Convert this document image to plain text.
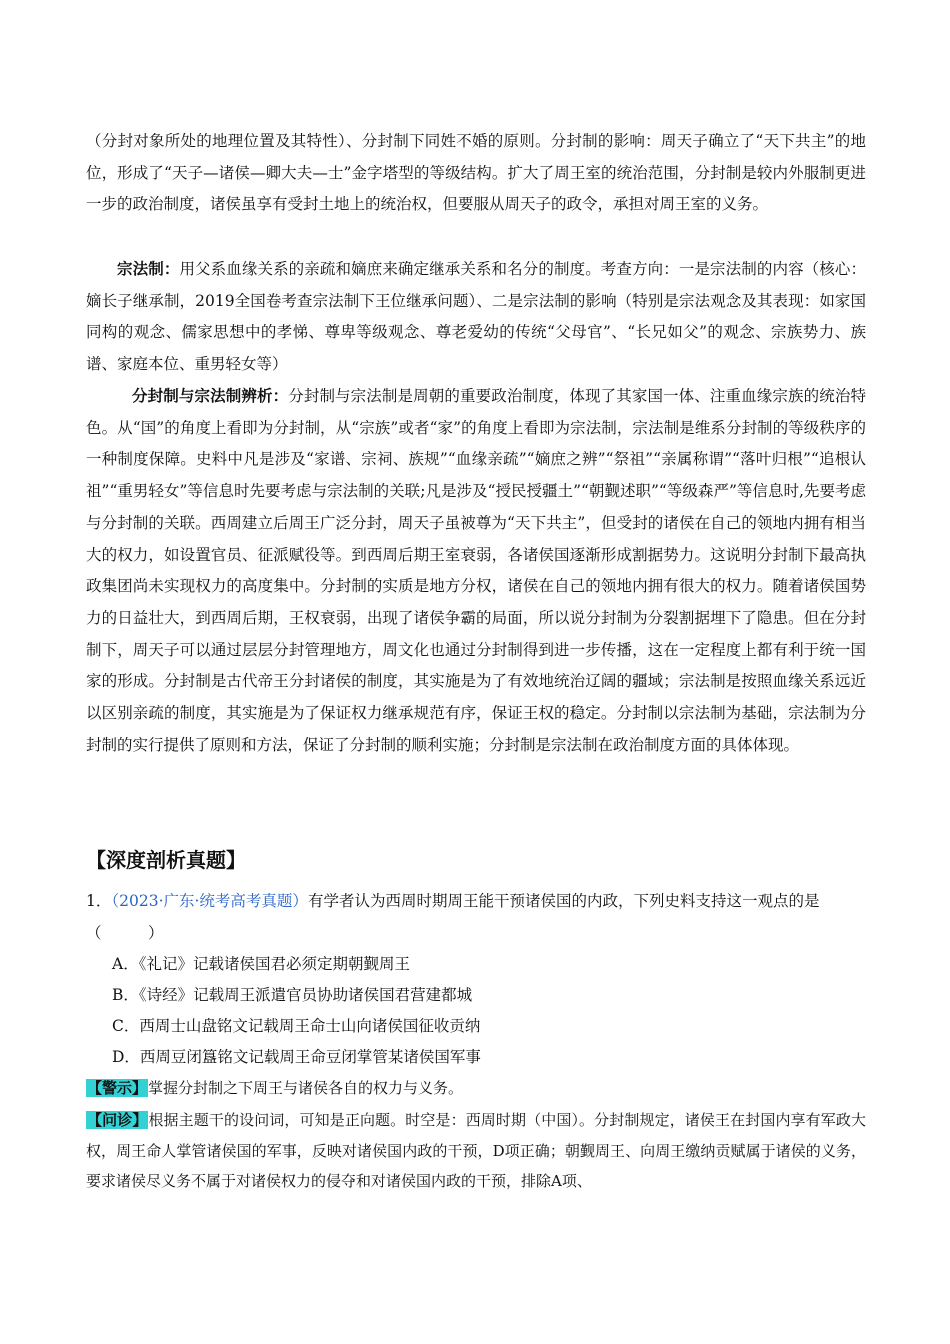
（分封对象所处的地理位置及其特性）、分封制下同姓不婚的原则。分封制的影响：周天子确立了“天下共主”的地位，形成了“天子—诸侯—卿大夫—士”金字塔型的等级结构。扩大了周王室的统治范围，分封制是较内外服制更进一步的政治制度，诸侯虽享有受封土地上的统治权，但要服从周天子的政令，承担对周王室的义务。

宗法制：用父系血缘关系的亲疏和嫡庶来确定继承关系和名分的制度。考查方向：一是宗法制的内容（核心：嫡长子继承制，2019全国卷考查宗法制下王位继承问题）、二是宗法制的影响（特别是宗法观念及其表现：如家国同构的观念、儒家思想中的孝悌、尊卑等级观念、尊老爱幼的传统“父母官”、“长兄如父”的观念、宗族势力、族谱、家庭本位、重男轻女等）

分封制与宗法制辨析：分封制与宗法制是周朝的重要政治制度，体现了其家国一体、注重血缘宗族的统治特色。从“国”的角度上看即为分封制，从“宗族”或者“家”的角度上看即为宗法制，宗法制是维系分封制的等级秩序的一种制度保障。史料中凡是涉及“家谱、宗祠、族规”“血缘亲疏”“嫡庶之辨”“祭祖”“亲属称谓”“落叶归根”“追根认祖”“重男轻女”等信息时先要考虑与宗法制的关联;凡是涉及“授民授疆土”“朝觐述职”“等级森严”等信息时,先要考虑与分封制的关联。西周建立后周王广泛分封，周天子虽被尊为“天下共主”，但受封的诸侯在自己的领地内拥有相当大的权力，如设置官员、征派赋役等。到西周后期王室衰弱，各诸侯国逐渐形成割据势力。这说明分封制下最高执政集团尚未实现权力的高度集中。分封制的实质是地方分权，诸侯在自己的领地内拥有很大的权力。随着诸侯国势力的日益壮大，到西周后期，王权衰弱，出现了诸侯争霸的局面，所以说分封制为分裂割据埋下了隐患。但在分封制下，周天子可以通过层层分封管理地方，周文化也通过分封制得到进一步传播，这在一定程度上都有利于统一国家的形成。分封制是古代帝王分封诸侯的制度，其实施是为了有效地统治辽阔的疆域；宗法制是按照血缘关系远近以区别亲疏的制度，其实施是为了保证权力继承规范有序，保证王权的稳定。分封制以宗法制为基础，宗法制为分封制的实行提供了原则和方法，保证了分封制的顺利实施；分封制是宗法制在政治制度方面的具体体现。

【深度剖析真题】

1．（2023·广东·统考高考真题）有学者认为西周时期周王能干预诸侯国的内政，下列史料支持这一观点的是（　　　）

A．《礼记》记载诸侯国君必须定期朝觐周王

B．《诗经》记载周王派遣官员协助诸侯国君营建都城

C．西周士山盘铭文记载周王命士山向诸侯国征收贡纳

D．西周豆闭簋铭文记载周王命豆闭掌管某诸侯国军事

【警示】掌握分封制之下周王与诸侯各自的权力与义务。

【问诊】根据主题干的设问词，可知是正向题。时空是：西周时期（中国）。分封制规定，诸侯王在封国内享有军政大权，周王命人掌管诸侯国的军事，反映对诸侯国内政的干预，D项正确；朝觐周王、向周王缴纳贡赋属于诸侯的义务，要求诸侯尽义务不属于对诸侯权力的侵夺和对诸侯国内政的干预，排除A项、
